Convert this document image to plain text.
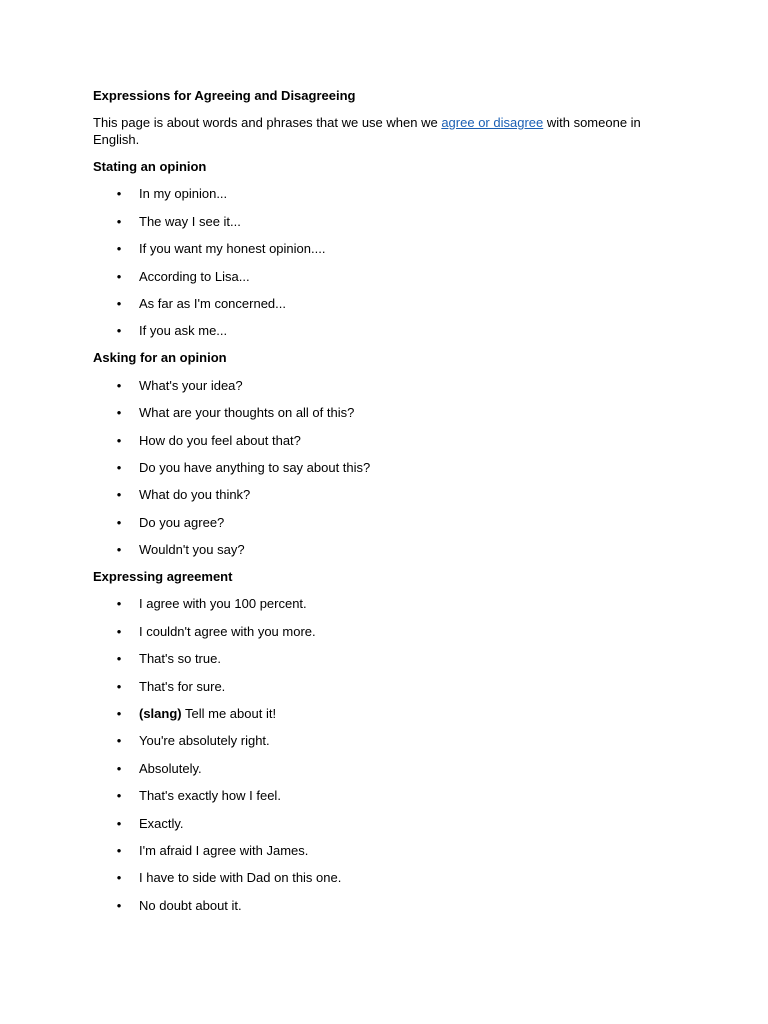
Expressions for Agreeing and Disagreeing

This page is about words and phrases that we use when we agree or disagree with someone in English.

Stating an opinion

• In my opinion...
• The way I see it...
• If you want my honest opinion....
• According to Lisa...
• As far as I'm concerned...
• If you ask me...

Asking for an opinion

• What's your idea?
• What are your thoughts on all of this?
• How do you feel about that?
• Do you have anything to say about this?
• What do you think?
• Do you agree?
• Wouldn't you say?

Expressing agreement

• I agree with you 100 percent.
• I couldn't agree with you more.
• That's so true.
• That's for sure.
• (slang) Tell me about it!
• You're absolutely right.
• Absolutely.
• That's exactly how I feel.
• Exactly.
• I'm afraid I agree with James.
• I have to side with Dad on this one.
• No doubt about it.
